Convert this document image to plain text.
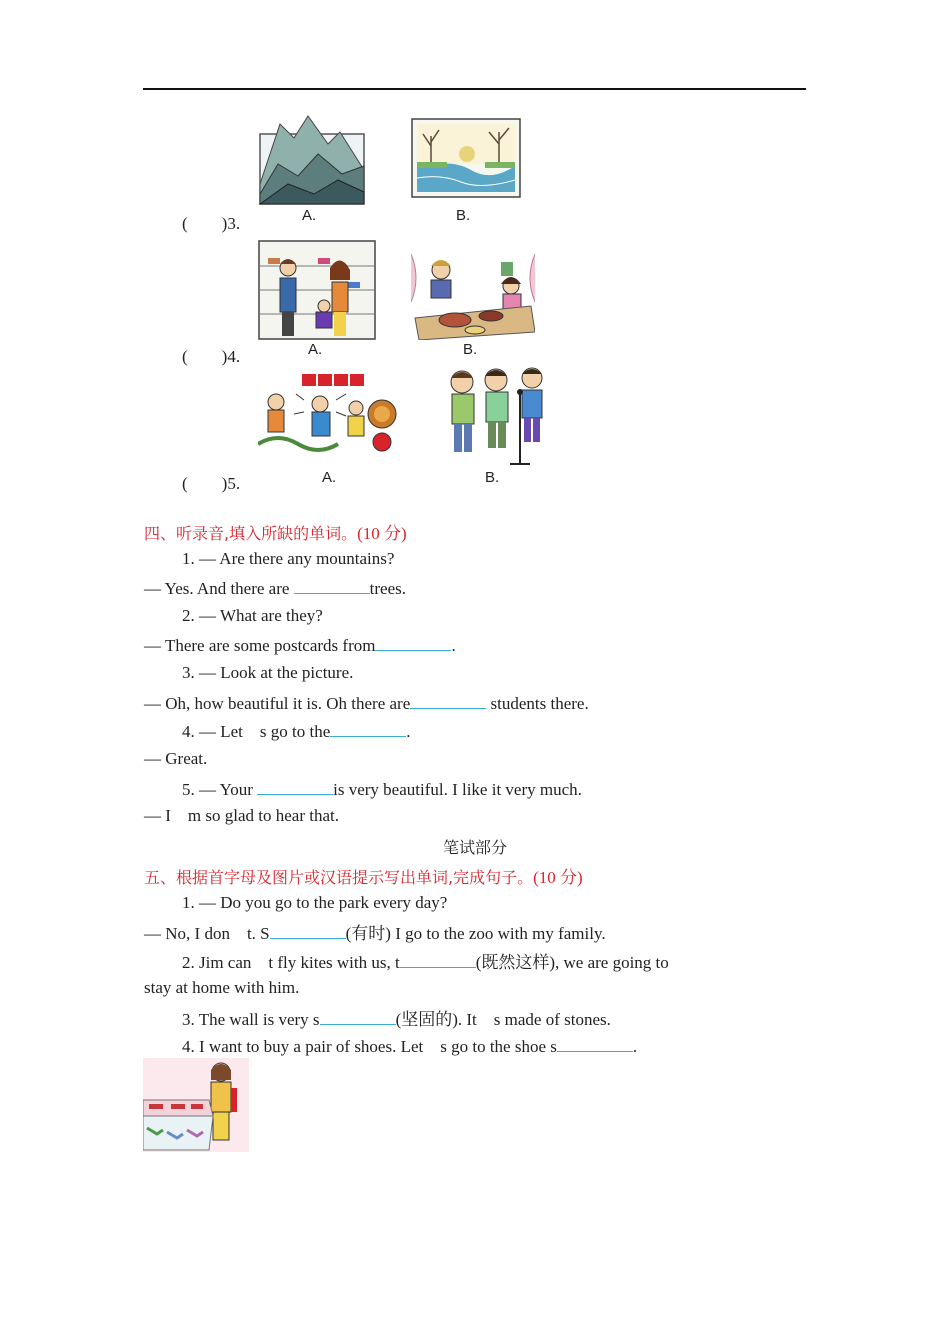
(　　)3.	A.	B.
(　　)4.	A.	B.
(　　)5.	A.	B.
四、听录音,填入所缺的单词。(10 分)
1. — Are there any mountains?
— Yes. And there are	trees.
2. — What are they?
— There are some postcards from	.
3. — Look at the picture.
— Oh, how beautiful it is. Oh there are	students there.
4. — Let　s go to the	.
— Great.
5. — Your	is very beautiful. I like it very much.
— I　m so glad to hear that.
笔试部分
五、根据首字母及图片或汉语提示写出单词,完成句子。(10 分)
1. — Do you go to the park every day?
— No, I don　t. S	(有时) I go to the zoo with my family.
2. Jim can　t fly kites with us, t	(既然这样), we are going to
stay at home with him.
3. The wall is very s	(坚固的). It　s made of stones.
4. I want to buy a pair of shoes. Let　s go to the shoe s	.
